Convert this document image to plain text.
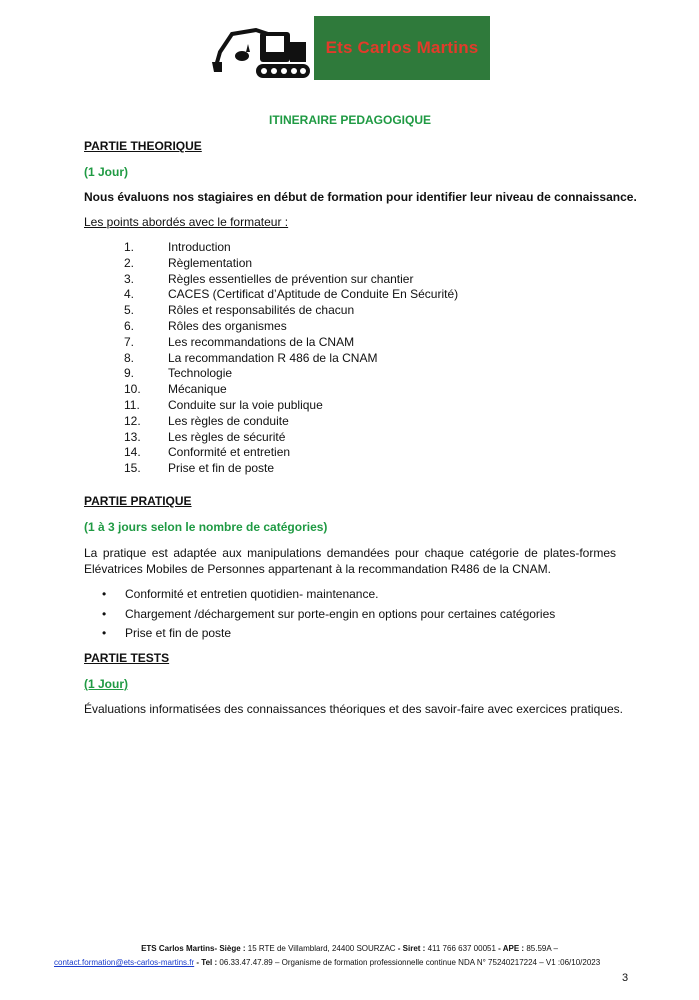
Ets Carlos Martins
ITINERAIRE PEDAGOGIQUE
PARTIE THEORIQUE
(1 Jour)
Nous évaluons nos stagiaires en début de formation pour identifier leur niveau de connaissance.
Les points abordés avec le formateur :
1.	Introduction
2.	Règlementation
3.	Règles essentielles de prévention sur chantier
4.	CACES (Certificat d’Aptitude de Conduite En Sécurité)
5.	Rôles et responsabilités de chacun
6.	Rôles des organismes
7.	Les recommandations de la CNAM
8.	La recommandation R 486 de la CNAM
9.	Technologie
10.	Mécanique
11.	Conduite sur la voie publique
12.	Les règles de conduite
13.	Les règles de sécurité
14.	Conformité et entretien
15.	Prise et fin de poste
PARTIE PRATIQUE
(1 à 3 jours selon le nombre de catégories)
La pratique est adaptée aux manipulations demandées pour chaque catégorie de plates-formes Elévatrices Mobiles de Personnes appartenant à la recommandation R486 de la CNAM.
•	Conformité et entretien quotidien- maintenance.
•	Chargement /déchargement sur porte-engin en options pour certaines catégories
•	Prise et fin de poste
PARTIE TESTS
(1 Jour)
Évaluations informatisées des connaissances théoriques et des savoir-faire avec exercices pratiques.
ETS Carlos Martins- Siège : 15 RTE de Villamblard, 24400 SOURZAC - Siret : 411 766 637 00051 - APE : 85.59A –
contact.formation@ets-carlos-martins.fr - Tel : 06.33.47.47.89 – Organisme de formation professionnelle continue NDA N° 75240217224 – V1 :06/10/2023
3
